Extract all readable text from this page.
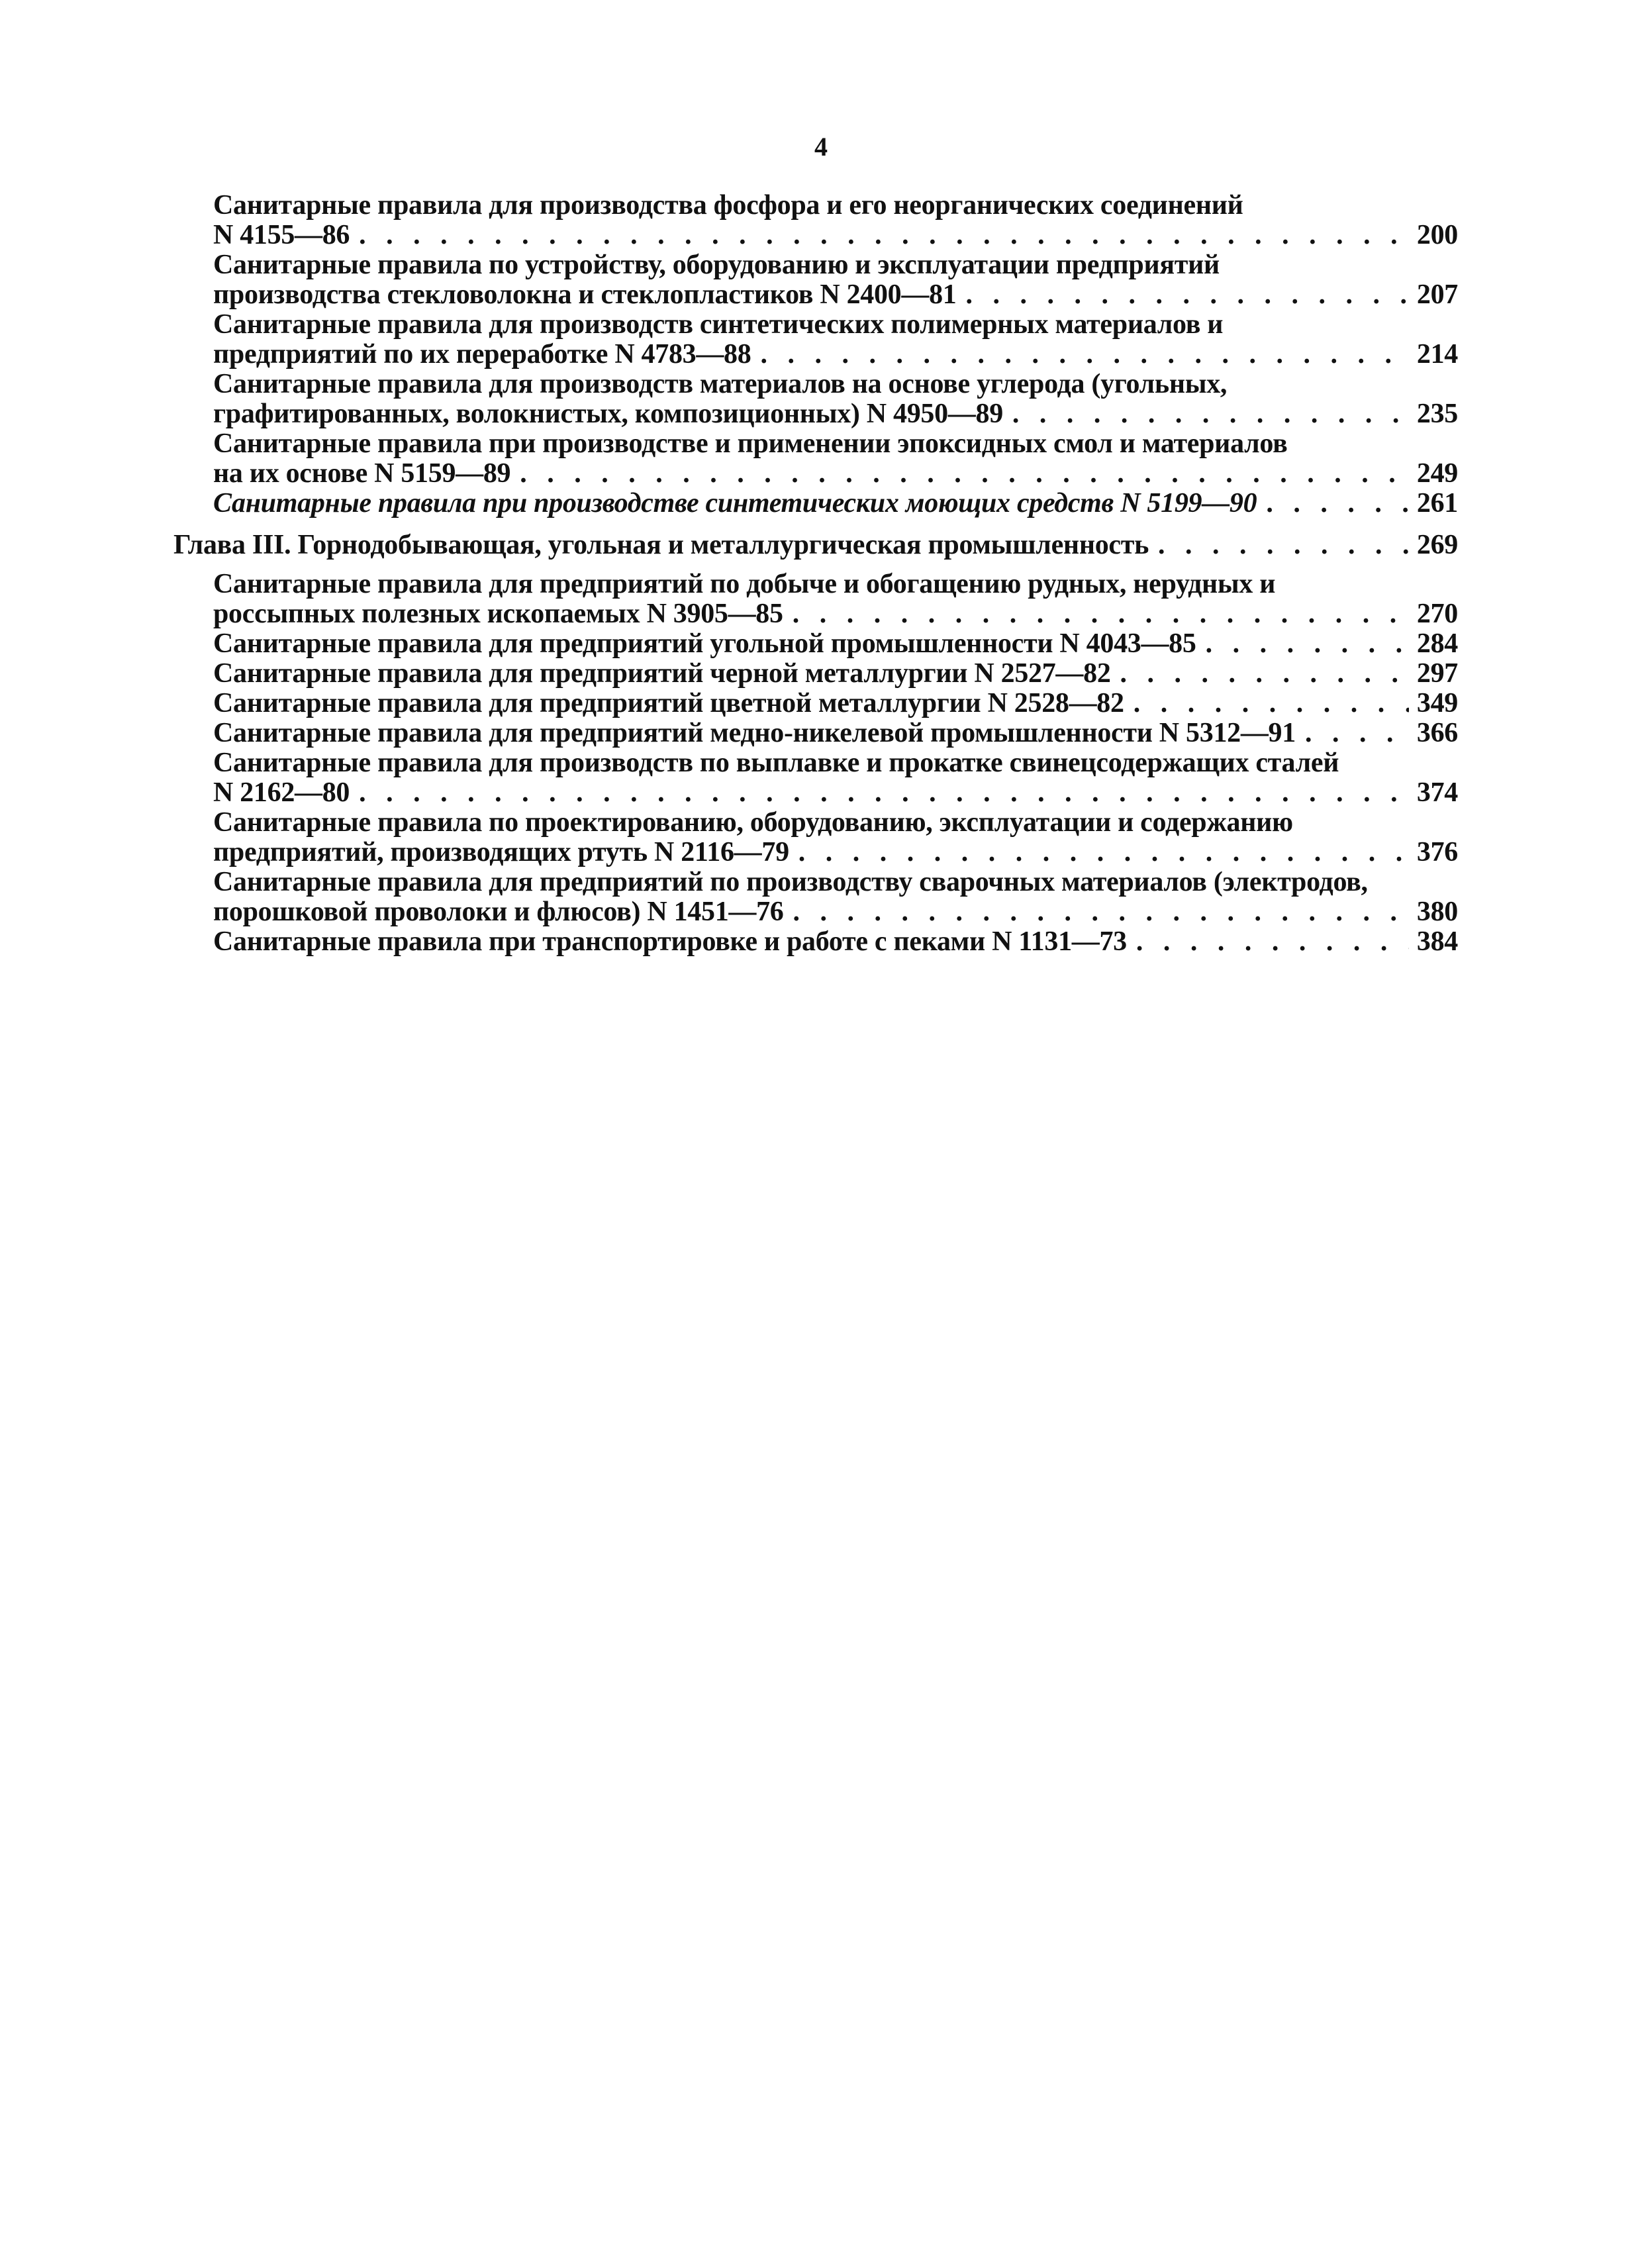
4
Санитарные правила для производства фосфора и его неорганических соединений
N 4155—86 . . .	200
Санитарные правила по устройству, оборудованию и эксплуатации предприятий
производства стекловолокна и стеклопластиков N 2400—81 . . .	207
Санитарные правила для производств синтетических полимерных материалов и
предприятий по их переработке N 4783—88 . . .	214
Санитарные правила для производств материалов на основе углерода (угольных,
графитированных, волокнистых, композиционных) N 4950—89 . . .	235
Санитарные правила при производстве и применении эпоксидных смол и материалов
на их основе N 5159—89 . . .	249
Санитарные правила при производстве синтетических моющих средств N 5199—90 . . .	261
Глава III. Горнодобывающая, угольная и металлургическая промышленность . . .	269
Санитарные правила для предприятий по добыче и обогащению рудных, нерудных и
россыпных полезных ископаемых N 3905—85 . . .	270
Санитарные правила для предприятий угольной промышленности N 4043—85 . . .	284
Санитарные правила для предприятий черной металлургии N 2527—82 . . .	297
Санитарные правила для предприятий цветной металлургии N 2528—82 . . .	349
Санитарные правила для предприятий медно-никелевой промышленности N 5312—91 . . .	366
Санитарные правила для производств по выплавке и прокатке свинецсодержащих сталей
N 2162—80 . . .	374
Санитарные правила по проектированию, оборудованию, эксплуатации и содержанию
предприятий, производящих ртуть N 2116—79 . . .	376
Санитарные правила для предприятий по производству сварочных материалов (электродов,
порошковой проволоки и флюсов) N 1451—76 . . .	380
Санитарные правила при транспортировке и работе с пеками N 1131—73 . . .	384
